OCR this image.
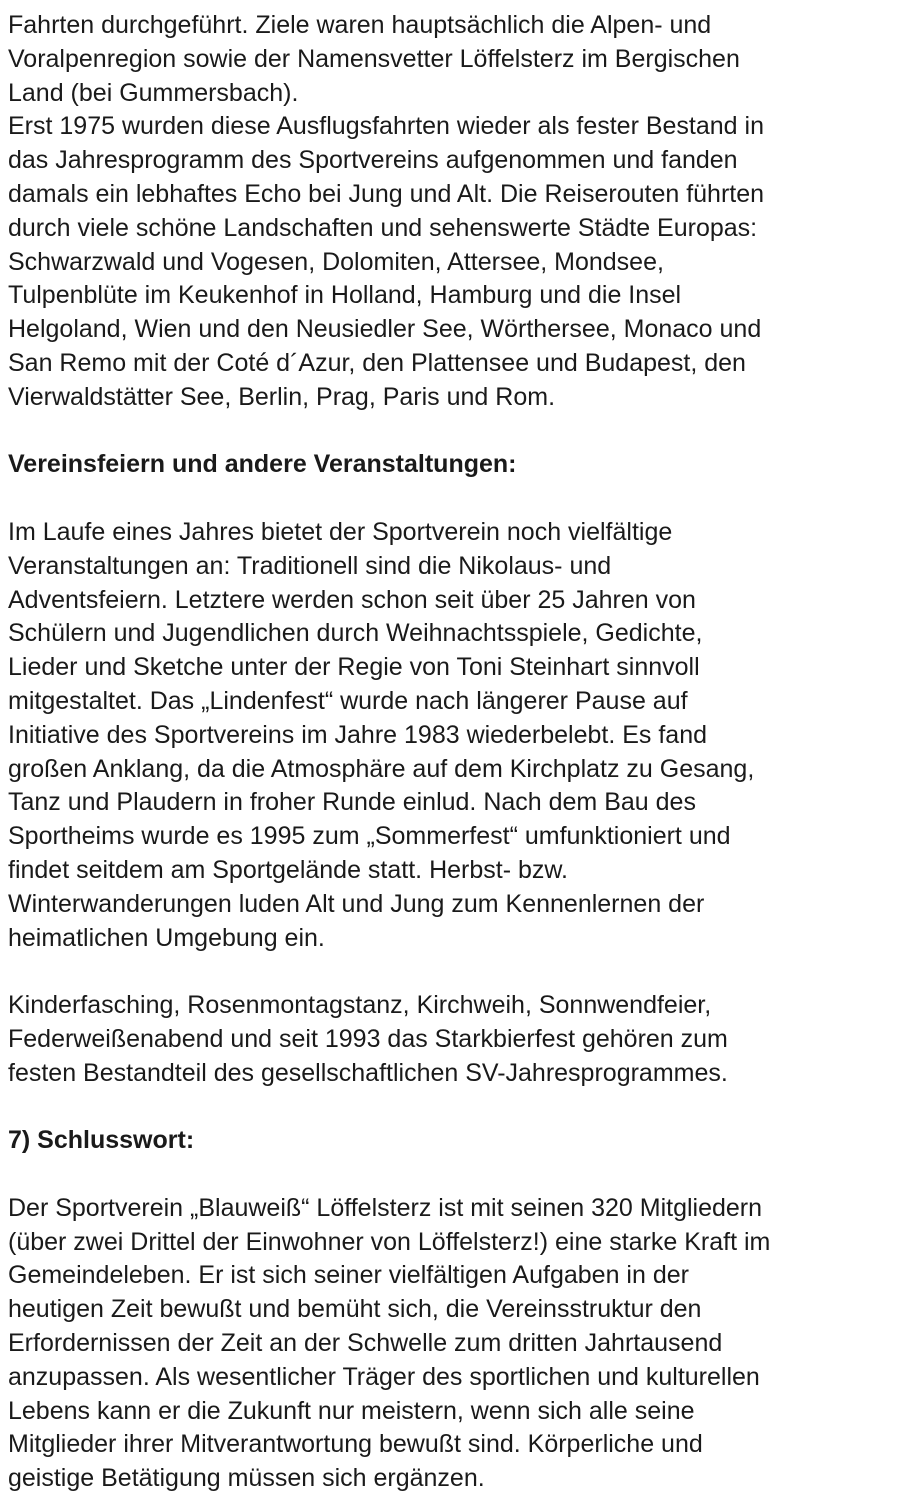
Fahrten durchgeführt. Ziele waren hauptsächlich die Alpen- und
Voralpenregion sowie der Namensvetter Löffelsterz im Bergischen
Land (bei Gummersbach).
Erst 1975 wurden diese Ausflugsfahrten wieder als fester Bestand in
das Jahresprogramm des Sportvereins aufgenommen und fanden
damals ein lebhaftes Echo bei Jung und Alt. Die Reiserouten führten
durch viele schöne Landschaften und sehenswerte Städte Europas:
Schwarzwald und Vogesen, Dolomiten, Attersee, Mondsee,
Tulpenblüte im Keukenhof in Holland, Hamburg und die Insel
Helgoland, Wien und den Neusiedler See, Wörthersee, Monaco und
San Remo mit der Coté d´Azur, den Plattensee und Budapest, den
Vierwaldstätter See, Berlin, Prag, Paris und Rom.
Vereinsfeiern und andere Veranstaltungen:
Im Laufe eines Jahres bietet der Sportverein noch vielfältige
Veranstaltungen an: Traditionell sind die Nikolaus- und
Adventsfeiern. Letztere werden schon seit über 25 Jahren von
Schülern und Jugendlichen durch Weihnachtsspiele, Gedichte,
Lieder und Sketche unter der Regie von Toni Steinhart sinnvoll
mitgestaltet. Das „Lindenfest“ wurde nach längerer Pause auf
Initiative des Sportvereins im Jahre 1983 wiederbelebt. Es fand
großen Anklang, da die Atmosphäre auf dem Kirchplatz zu Gesang,
Tanz und Plaudern in froher Runde einlud. Nach dem Bau des
Sportheims wurde es 1995 zum „Sommerfest“ umfunktioniert und
findet seitdem am Sportgelände statt. Herbst- bzw.
Winterwanderungen luden Alt und Jung zum Kennenlernen der
heimatlichen Umgebung ein.
Kinderfasching, Rosenmontagstanz, Kirchweih, Sonnwendfeier,
Federweißenabend und seit 1993 das Starkbierfest gehören zum
festen Bestandteil des gesellschaftlichen SV-Jahresprogrammes.
7) Schlusswort:
Der Sportverein „Blauweiß“ Löffelsterz ist mit seinen 320 Mitgliedern
(über zwei Drittel der Einwohner von Löffelsterz!) eine starke Kraft im
Gemeindeleben. Er ist sich seiner vielfältigen Aufgaben in der
heutigen Zeit bewußt und bemüht sich, die Vereinsstruktur den
Erfordernissen der Zeit an der Schwelle zum dritten Jahrtausend
anzupassen. Als wesentlicher Träger des sportlichen und kulturellen
Lebens kann er die Zukunft nur meistern, wenn sich alle seine
Mitglieder ihrer Mitverantwortung bewußt sind. Körperliche und
geistige Betätigung müssen sich ergänzen.
